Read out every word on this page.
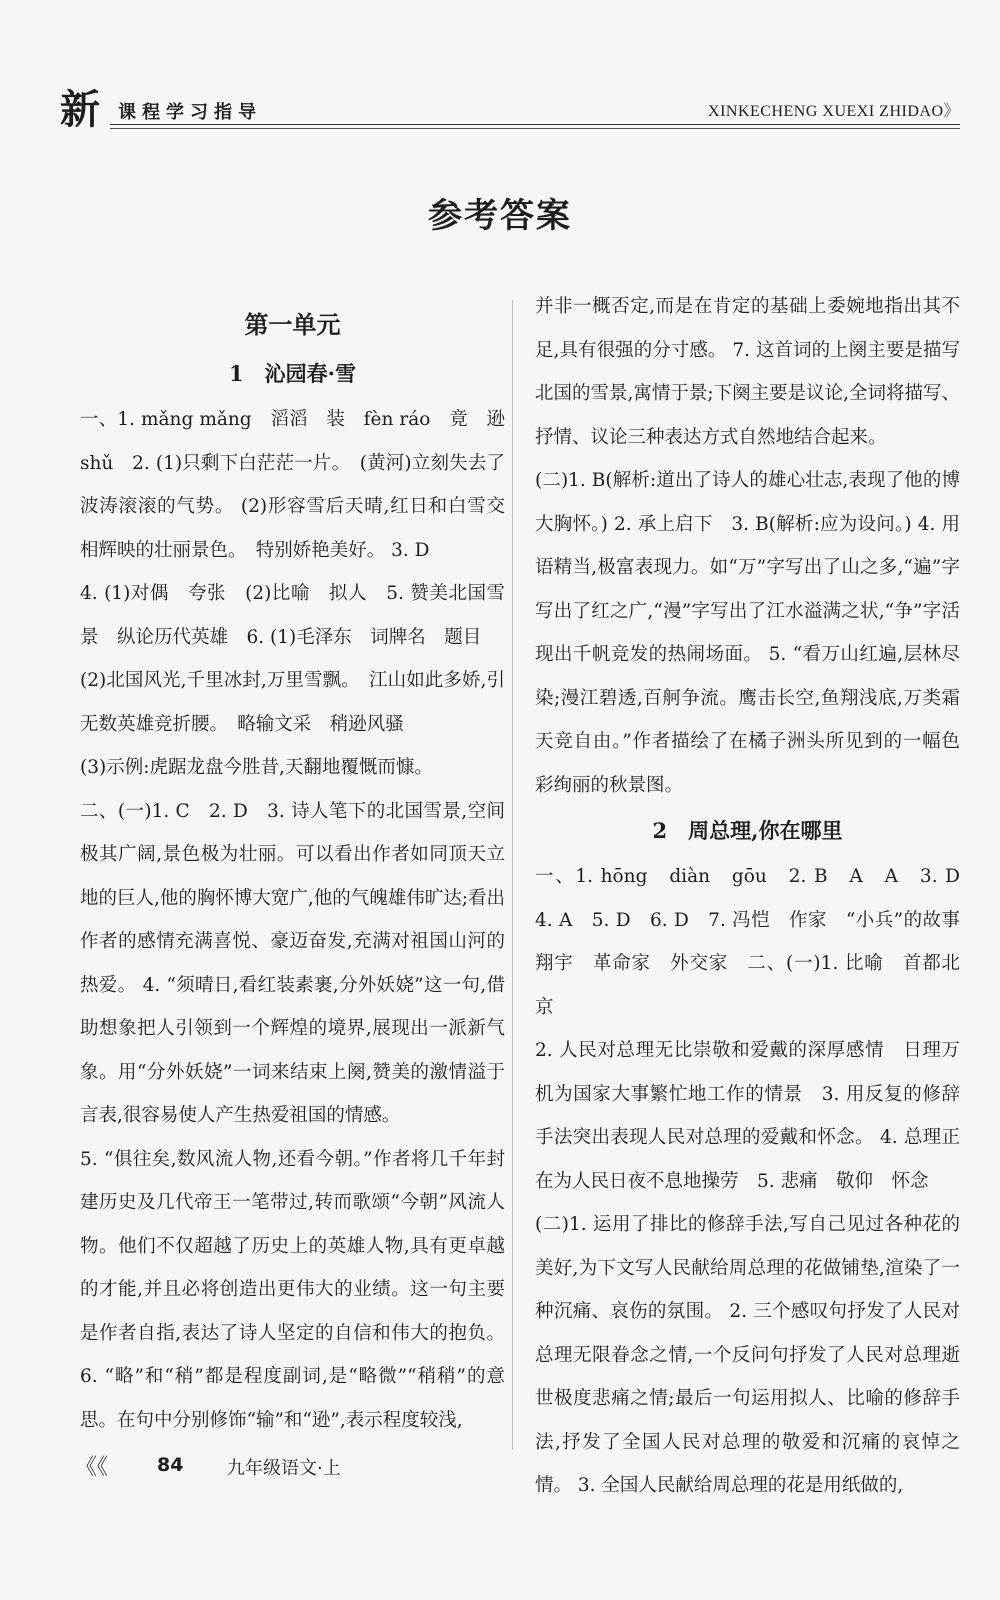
新 课程学习指导	XINKECHENG XUEXI ZHIDAO》
参考答案
第一单元
1　沁园春·雪

一、1. mǎng mǎng　滔滔　装　fèn ráo　竟　逊 shǔ　2. (1)只剩下白茫茫一片。　(黄河)立刻失去了波涛滚滚的气势。 (2)形容雪后天晴,红日和白雪交相辉映的壮丽景色。　特别娇艳美好。 3. D

4. (1)对偶　夸张　(2)比喻　拟人　5. 赞美北国雪景　纵论历代英雄　6. (1)毛泽东　词牌名　题目

(2)北国风光,千里冰封,万里雪飘。　江山如此多娇,引无数英雄竞折腰。　略输文采　稍逊风骚

(3)示例:虎踞龙盘今胜昔,天翻地覆慨而慷。

二、(一)1. C　2. D　3. 诗人笔下的北国雪景,空间极其广阔,景色极为壮丽。可以看出作者如同顶天立地的巨人,他的胸怀博大宽广,他的气魄雄伟旷达;看出作者的感情充满喜悦、豪迈奋发,充满对祖国山河的热爱。 4. “须晴日,看红装素裹,分外妖娆”这一句,借助想象把人引领到一个辉煌的境界,展现出一派新气象。用“分外妖娆”一词来结束上阕,赞美的激情溢于言表,很容易使人产生热爱祖国的情感。

5. “俱往矣,数风流人物,还看今朝。”作者将几千年封建历史及几代帝王一笔带过,转而歌颂“今朝”风流人物。他们不仅超越了历史上的英雄人物,具有更卓越的才能,并且必将创造出更伟大的业绩。这一句主要是作者自指,表达了诗人坚定的自信和伟大的抱负。 6. “略”和“稍”都是程度副词,是“略微”“稍稍”的意思。在句中分别修饰“输”和“逊”,表示程度较浅,

并非一概否定,而是在肯定的基础上委婉地指出其不足,具有很强的分寸感。 7. 这首词的上阕主要是描写北国的雪景,寓情于景;下阕主要是议论,全词将描写、抒情、议论三种表达方式自然地结合起来。

(二)1. B(解析:道出了诗人的雄心壮志,表现了他的博大胸怀。) 2. 承上启下　3. B(解析:应为设问。) 4. 用语精当,极富表现力。如“万”字写出了山之多,“遍”字写出了红之广,“漫”字写出了江水溢满之状,“争”字活现出千帆竞发的热闹场面。 5. “看万山红遍,层林尽染;漫江碧透,百舸争流。鹰击长空,鱼翔浅底,万类霜天竞自由。”作者描绘了在橘子洲头所见到的一幅色彩绚丽的秋景图。

2　周总理,你在哪里

一、1. hōng　diàn　gōu　2. B　A　A　3. D　4. A　5. D　6. D　7. 冯恺　作家　“小兵”的故事　翔宇　革命家　外交家　二、(一)1. 比喻　首都北京

2. 人民对总理无比崇敬和爱戴的深厚感情　日理万机为国家大事繁忙地工作的情景　3. 用反复的修辞手法突出表现人民对总理的爱戴和怀念。 4. 总理正在为人民日夜不息地操劳　5. 悲痛　敬仰　怀念

(二)1. 运用了排比的修辞手法,写自己见过各种花的美好,为下文写人民献给周总理的花做铺垫,渲染了一种沉痛、哀伤的氛围。 2. 三个感叹句抒发了人民对总理无限眷念之情,一个反问句抒发了人民对总理逝世极度悲痛之情;最后一句运用拟人、比喻的修辞手法,抒发了全国人民对总理的敬爱和沉痛的哀悼之情。 3. 全国人民献给周总理的花是用纸做的,

《《	84 九年级语文·上
